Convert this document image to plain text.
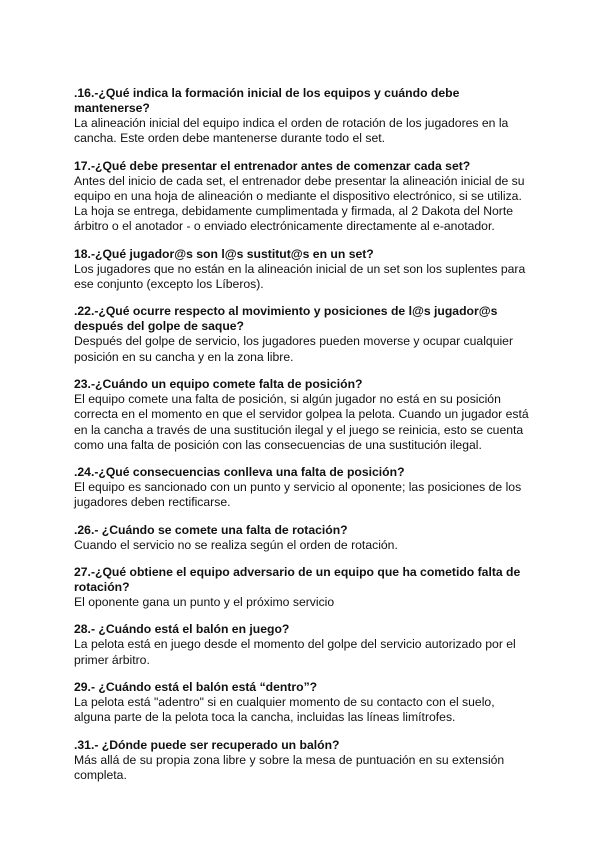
.16.-¿Qué indica la formación inicial de los equipos y cuándo debe mantenerse?

La alineación inicial del equipo indica el orden de rotación de los jugadores en la cancha. Este orden debe mantenerse durante todo el set.

17.-¿Qué debe presentar el entrenador antes de comenzar cada set?

Antes del inicio de cada set, el entrenador debe presentar la alineación inicial de su equipo en una hoja de alineación o mediante el dispositivo electrónico, si se utiliza. La hoja se entrega, debidamente cumplimentada y firmada, al 2 Dakota del Norte árbitro o el anotador - o enviado electrónicamente directamente al e-anotador.

18.-¿Qué jugador@s son l@s sustitut@s en un set?

Los jugadores que no están en la alineación inicial de un set son los suplentes para ese conjunto (excepto los Líberos).

.22.-¿Qué ocurre respecto al movimiento y posiciones de l@s jugador@s después del golpe de saque?

Después del golpe de servicio, los jugadores pueden moverse y ocupar cualquier posición en su cancha y en la zona libre.

23.-¿Cuándo un equipo comete falta de posición?

El equipo comete una falta de posición, si algún jugador no está en su posición correcta en el momento en que el servidor golpea la pelota. Cuando un jugador está en la cancha a través de una sustitución ilegal y el juego se reinicia, esto se cuenta como una falta de posición con las consecuencias de una sustitución ilegal.

.24.-¿Qué consecuencias conlleva una falta de posición?

El equipo es sancionado con un punto y servicio al oponente; las posiciones de los jugadores deben rectificarse.

.26.- ¿Cuándo se comete una falta de rotación?

Cuando el servicio no se realiza según el orden de rotación.

27.-¿Qué obtiene el equipo adversario de un equipo que ha cometido falta de rotación?

El oponente gana un punto y el próximo servicio

28.- ¿Cuándo está el balón en juego?

La pelota está en juego desde el momento del golpe del servicio autorizado por el primer árbitro.

29.- ¿Cuándo está el balón está “dentro”?

La pelota está "adentro" si en cualquier momento de su contacto con el suelo, alguna parte de la pelota toca la cancha, incluidas las líneas limítrofes.

.31.- ¿Dónde puede ser recuperado un balón?

Más allá de su propia zona libre y sobre la mesa de puntuación en su extensión completa.
